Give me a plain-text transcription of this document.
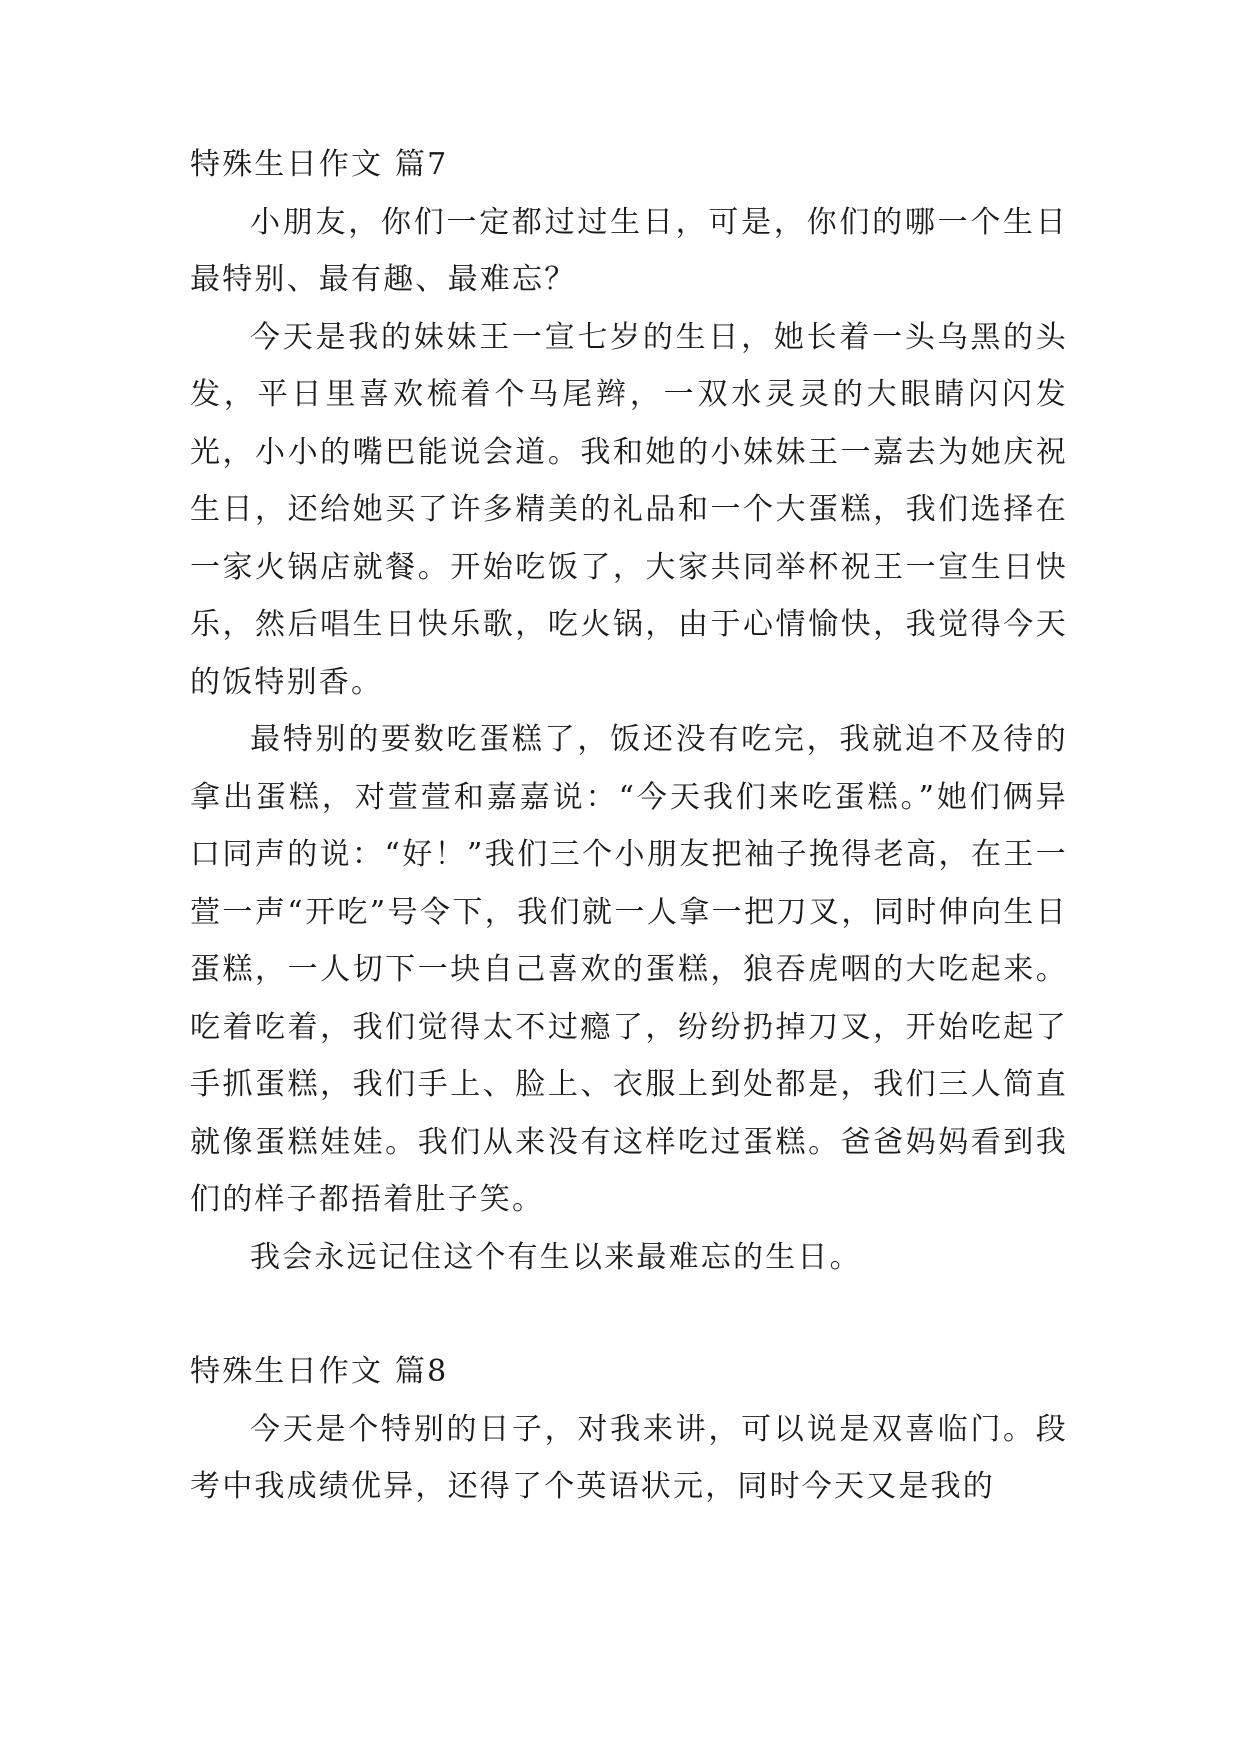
特殊生日作文 篇7

小朋友，你们一定都过过生日，可是，你们的哪一个生日最特别、最有趣、最难忘？

今天是我的妹妹王一宣七岁的生日，她长着一头乌黑的头发，平日里喜欢梳着个马尾辫，一双水灵灵的大眼睛闪闪发光，小小的嘴巴能说会道。我和她的小妹妹王一嘉去为她庆祝生日，还给她买了许多精美的礼品和一个大蛋糕，我们选择在一家火锅店就餐。开始吃饭了，大家共同举杯祝王一宣生日快乐，然后唱生日快乐歌，吃火锅，由于心情愉快，我觉得今天的饭特别香。

最特别的要数吃蛋糕了，饭还没有吃完，我就迫不及待的拿出蛋糕，对萱萱和嘉嘉说：“今天我们来吃蛋糕。”她们俩异口同声的说：“好！”我们三个小朋友把袖子挽得老高，在王一萱一声“开吃”号令下，我们就一人拿一把刀叉，同时伸向生日蛋糕，一人切下一块自己喜欢的蛋糕，狼吞虎咽的大吃起来。吃着吃着，我们觉得太不过瘾了，纷纷扔掉刀叉，开始吃起了手抓蛋糕，我们手上、脸上、衣服上到处都是，我们三人简直就像蛋糕娃娃。我们从来没有这样吃过蛋糕。爸爸妈妈看到我们的样子都捂着肚子笑。

我会永远记住这个有生以来最难忘的生日。

特殊生日作文 篇8

今天是个特别的日子，对我来讲，可以说是双喜临门。段考中我成绩优异，还得了个英语状元，同时今天又是我的
